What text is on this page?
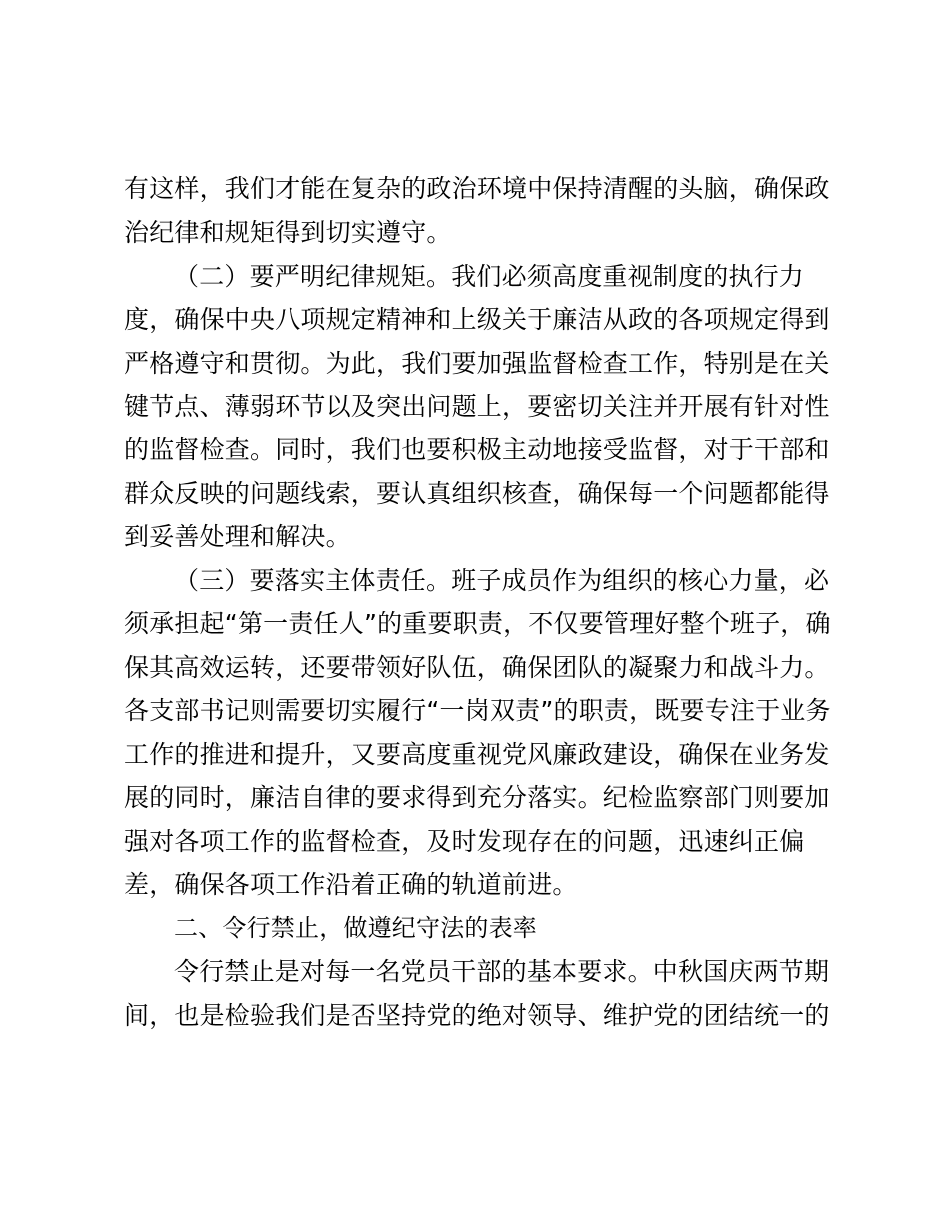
有这样，我们才能在复杂的政治环境中保持清醒的头脑，确保政
治纪律和规矩得到切实遵守。
（二）要严明纪律规矩。我们必须高度重视制度的执行力
度，确保中央八项规定精神和上级关于廉洁从政的各项规定得到
严格遵守和贯彻。为此，我们要加强监督检查工作，特别是在关
键节点、薄弱环节以及突出问题上，要密切关注并开展有针对性
的监督检查。同时，我们也要积极主动地接受监督，对于干部和
群众反映的问题线索，要认真组织核查，确保每一个问题都能得
到妥善处理和解决。
（三）要落实主体责任。班子成员作为组织的核心力量，必
须承担起“第一责任人”的重要职责，不仅要管理好整个班子，确
保其高效运转，还要带领好队伍，确保团队的凝聚力和战斗力。
各支部书记则需要切实履行“一岗双责”的职责，既要专注于业务
工作的推进和提升，又要高度重视党风廉政建设，确保在业务发
展的同时，廉洁自律的要求得到充分落实。纪检监察部门则要加
强对各项工作的监督检查，及时发现存在的问题，迅速纠正偏
差，确保各项工作沿着正确的轨道前进。
二、令行禁止，做遵纪守法的表率
令行禁止是对每一名党员干部的基本要求。中秋国庆两节期
间，也是检验我们是否坚持党的绝对领导、维护党的团结统一的
